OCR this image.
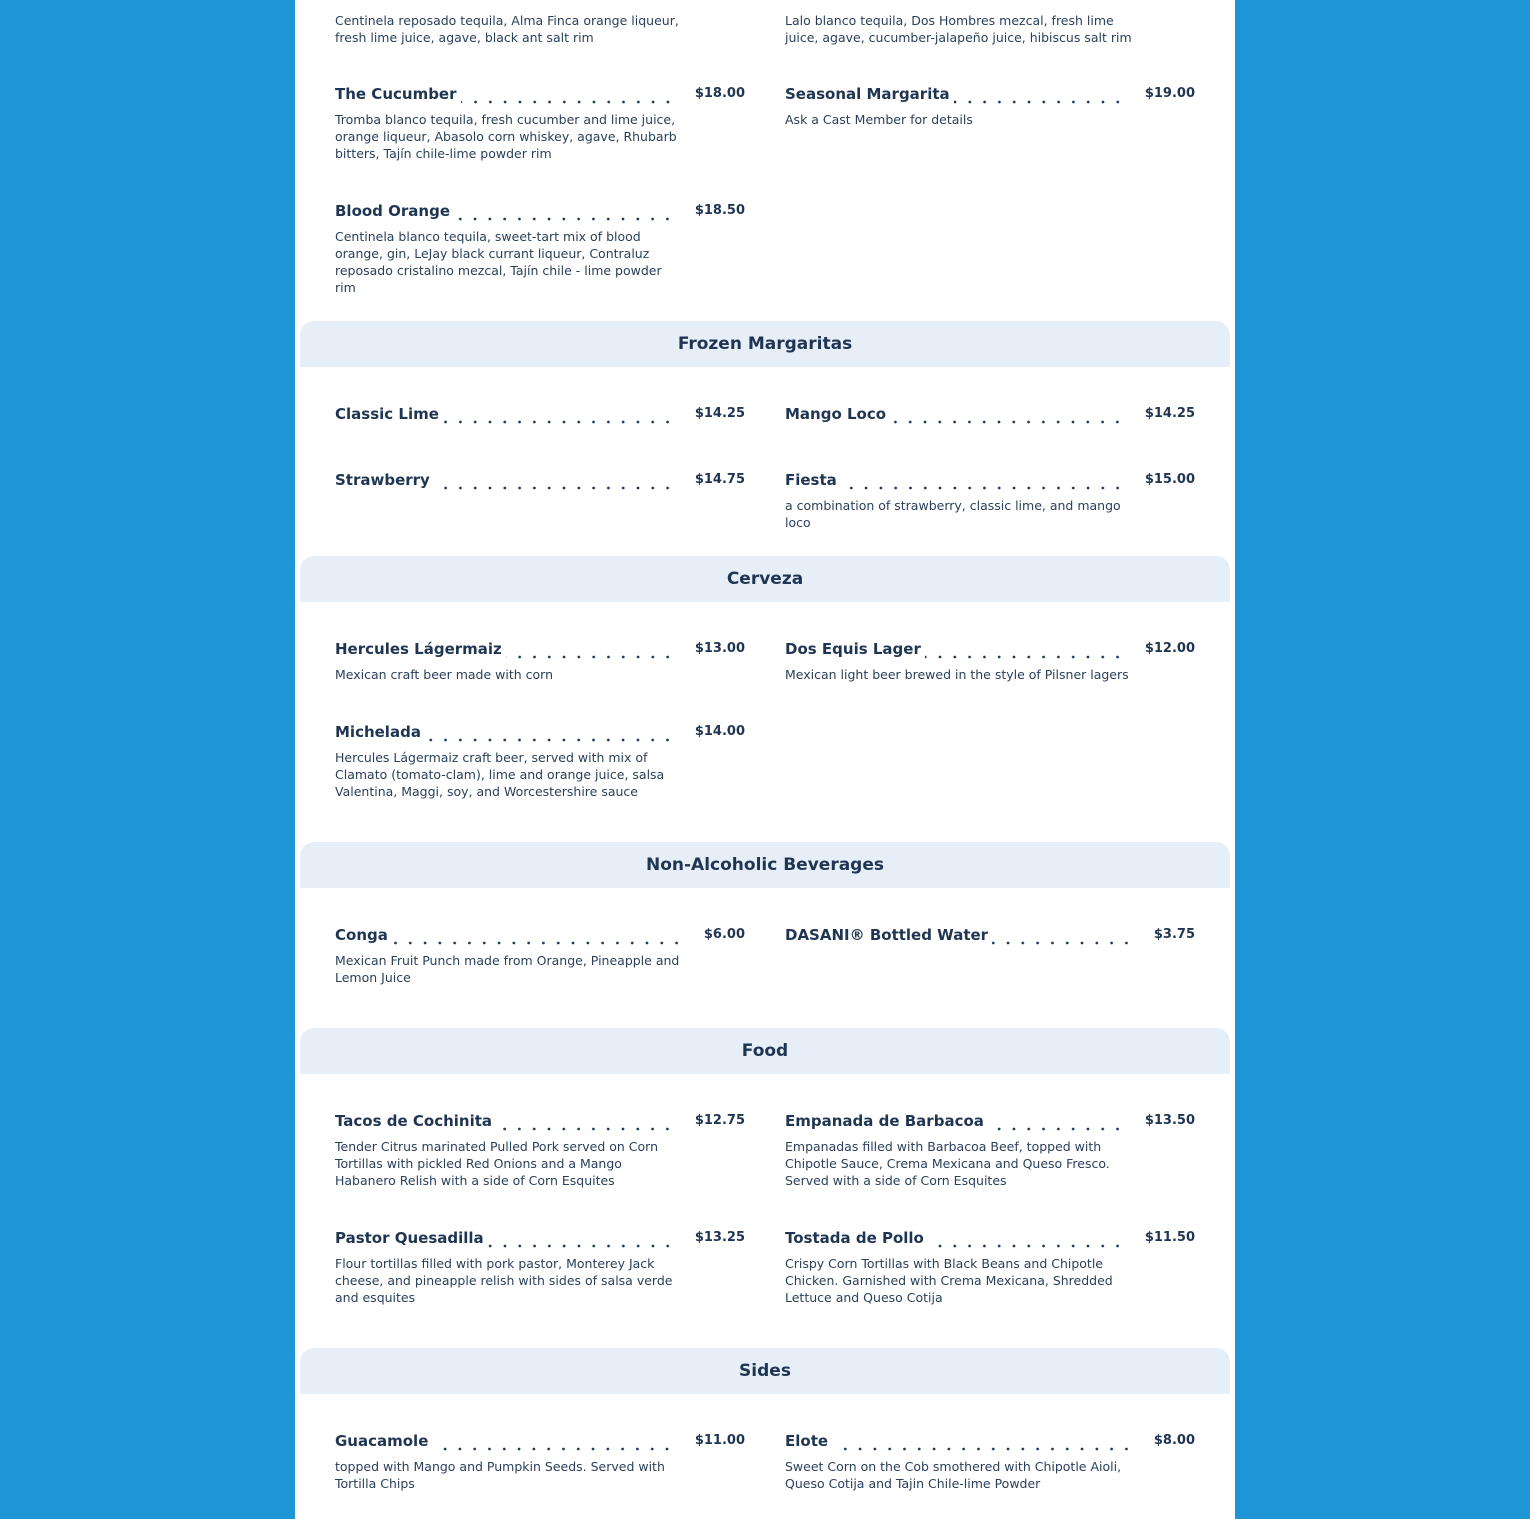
Centinela reposado tequila, Alma Finca orange liqueur, fresh lime juice, agave, black ant salt rim
Lalo blanco tequila, Dos Hombres mezcal, fresh lime juice, agave, cucumber-jalapeño juice, hibiscus salt rim
The Cucumber	$18.00
Tromba blanco tequila, fresh cucumber and lime juice, orange liqueur, Abasolo corn whiskey, agave, Rhubarb bitters, Tajín chile-lime powder rim
Seasonal Margarita	$19.00
Ask a Cast Member for details
Blood Orange	$18.50
Centinela blanco tequila, sweet-tart mix of blood orange, gin, LeJay black currant liqueur, Contraluz reposado cristalino mezcal, Tajín chile - lime powder rim
Frozen Margaritas
Classic Lime	$14.25	Mango Loco	$14.25
Strawberry	$14.75	Fiesta	$15.00
a combination of strawberry, classic lime, and mango loco
Cerveza
Hercules Lágermaiz	$13.00
Mexican craft beer made with corn
Dos Equis Lager	$12.00
Mexican light beer brewed in the style of Pilsner lagers
Michelada	$14.00
Hercules Lágermaiz craft beer, served with mix of Clamato (tomato-clam), lime and orange juice, salsa Valentina, Maggi, soy, and Worcestershire sauce
Non-Alcoholic Beverages
Conga	$6.00
Mexican Fruit Punch made from Orange, Pineapple and Lemon Juice
DASANI® Bottled Water	$3.75
Food
Tacos de Cochinita	$12.75
Tender Citrus marinated Pulled Pork served on Corn Tortillas with pickled Red Onions and a Mango Habanero Relish with a side of Corn Esquites
Empanada de Barbacoa	$13.50
Empanadas filled with Barbacoa Beef, topped with Chipotle Sauce, Crema Mexicana and Queso Fresco. Served with a side of Corn Esquites
Pastor Quesadilla	$13.25
Flour tortillas filled with pork pastor, Monterey Jack cheese, and pineapple relish with sides of salsa verde and esquites
Tostada de Pollo	$11.50
Crispy Corn Tortillas with Black Beans and Chipotle Chicken. Garnished with Crema Mexicana, Shredded Lettuce and Queso Cotija
Sides
Guacamole	$11.00
topped with Mango and Pumpkin Seeds. Served with Tortilla Chips
Elote	$8.00
Sweet Corn on the Cob smothered with Chipotle Aioli, Queso Cotija and Tajin Chile-lime Powder
